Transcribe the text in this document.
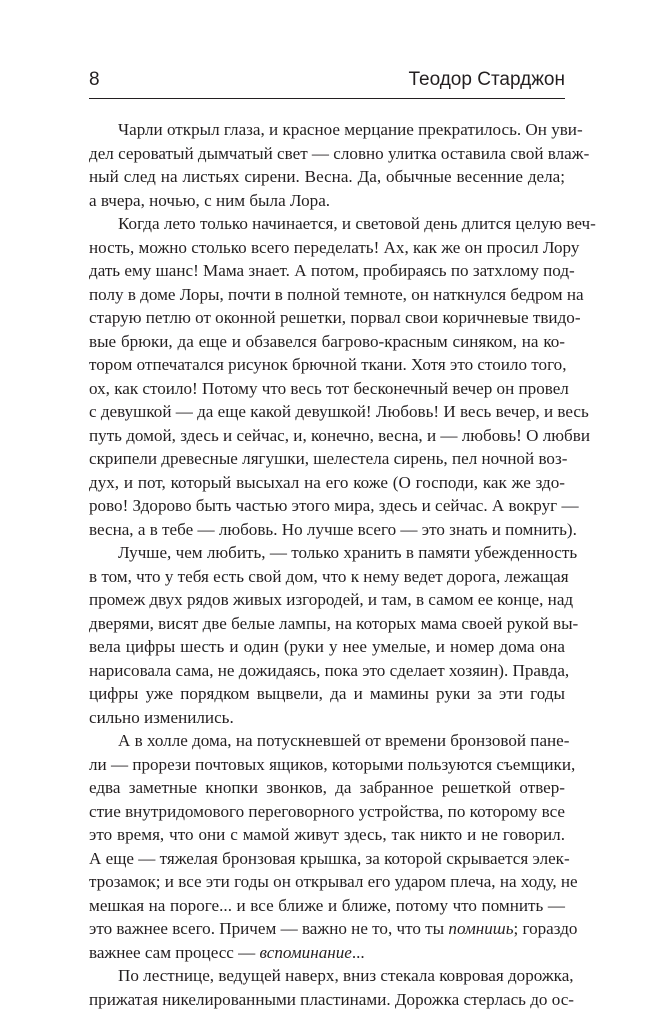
8	Теодор Старджон
Чарли открыл глаза, и красное мерцание прекратилось. Он уви-
дел сероватый дымчатый свет — словно улитка оставила свой влаж-
ный след на листьях сирени. Весна. Да, обычные весенние дела;
а вчера, ночью, с ним была Лора.
Когда лето только начинается, и световой день длится целую веч-
ность, можно столько всего переделать! Ах, как же он просил Лору
дать ему шанс! Мама знает. А потом, пробираясь по затхлому под-
полу в доме Лоры, почти в полной темноте, он наткнулся бедром на
старую петлю от оконной решетки, порвал свои коричневые твидо-
вые брюки, да еще и обзавелся багрово-красным синяком, на ко-
тором отпечатался рисунок брючной ткани. Хотя это стоило того,
ох, как стоило! Потому что весь тот бесконечный вечер он провел
с девушкой — да еще какой девушкой! Любовь! И весь вечер, и весь
путь домой, здесь и сейчас, и, конечно, весна, и — любовь! О любви
скрипели древесные лягушки, шелестела сирень, пел ночной воз-
дух, и пот, который высыхал на его коже (О господи, как же здо-
рово! Здорово быть частью этого мира, здесь и сейчас. А вокруг —
весна, а в тебе — любовь. Но лучше всего — это знать и помнить).
Лучше, чем любить, — только хранить в памяти убежденность
в том, что у тебя есть свой дом, что к нему ведет дорога, лежащая
промеж двух рядов живых изгородей, и там, в самом ее конце, над
дверями, висят две белые лампы, на которых мама своей рукой вы-
вела цифры шесть и один (руки у нее умелые, и номер дома она
нарисовала сама, не дожидаясь, пока это сделает хозяин). Правда,
цифры уже порядком выцвели, да и мамины руки за эти годы
сильно изменились.
А в холле дома, на потускневшей от времени бронзовой пане-
ли — прорези почтовых ящиков, которыми пользуются съемщики,
едва заметные кнопки звонков, да забранное решеткой отвер-
стие внутридомового переговорного устройства, по которому все
это время, что они с мамой живут здесь, так никто и не говорил.
А еще — тяжелая бронзовая крышка, за которой скрывается элек-
трозамок; и все эти годы он открывал его ударом плеча, на ходу, не
мешкая на пороге... и все ближе и ближе, потому что помнить —
это важнее всего. Причем — важно не то, что ты помнишь; гораздо
важнее сам процесс — вспоминание...
По лестнице, ведущей наверх, вниз стекала ковровая дорожка,
прижатая никелированными пластинами. Дорожка стерлась до ос-
